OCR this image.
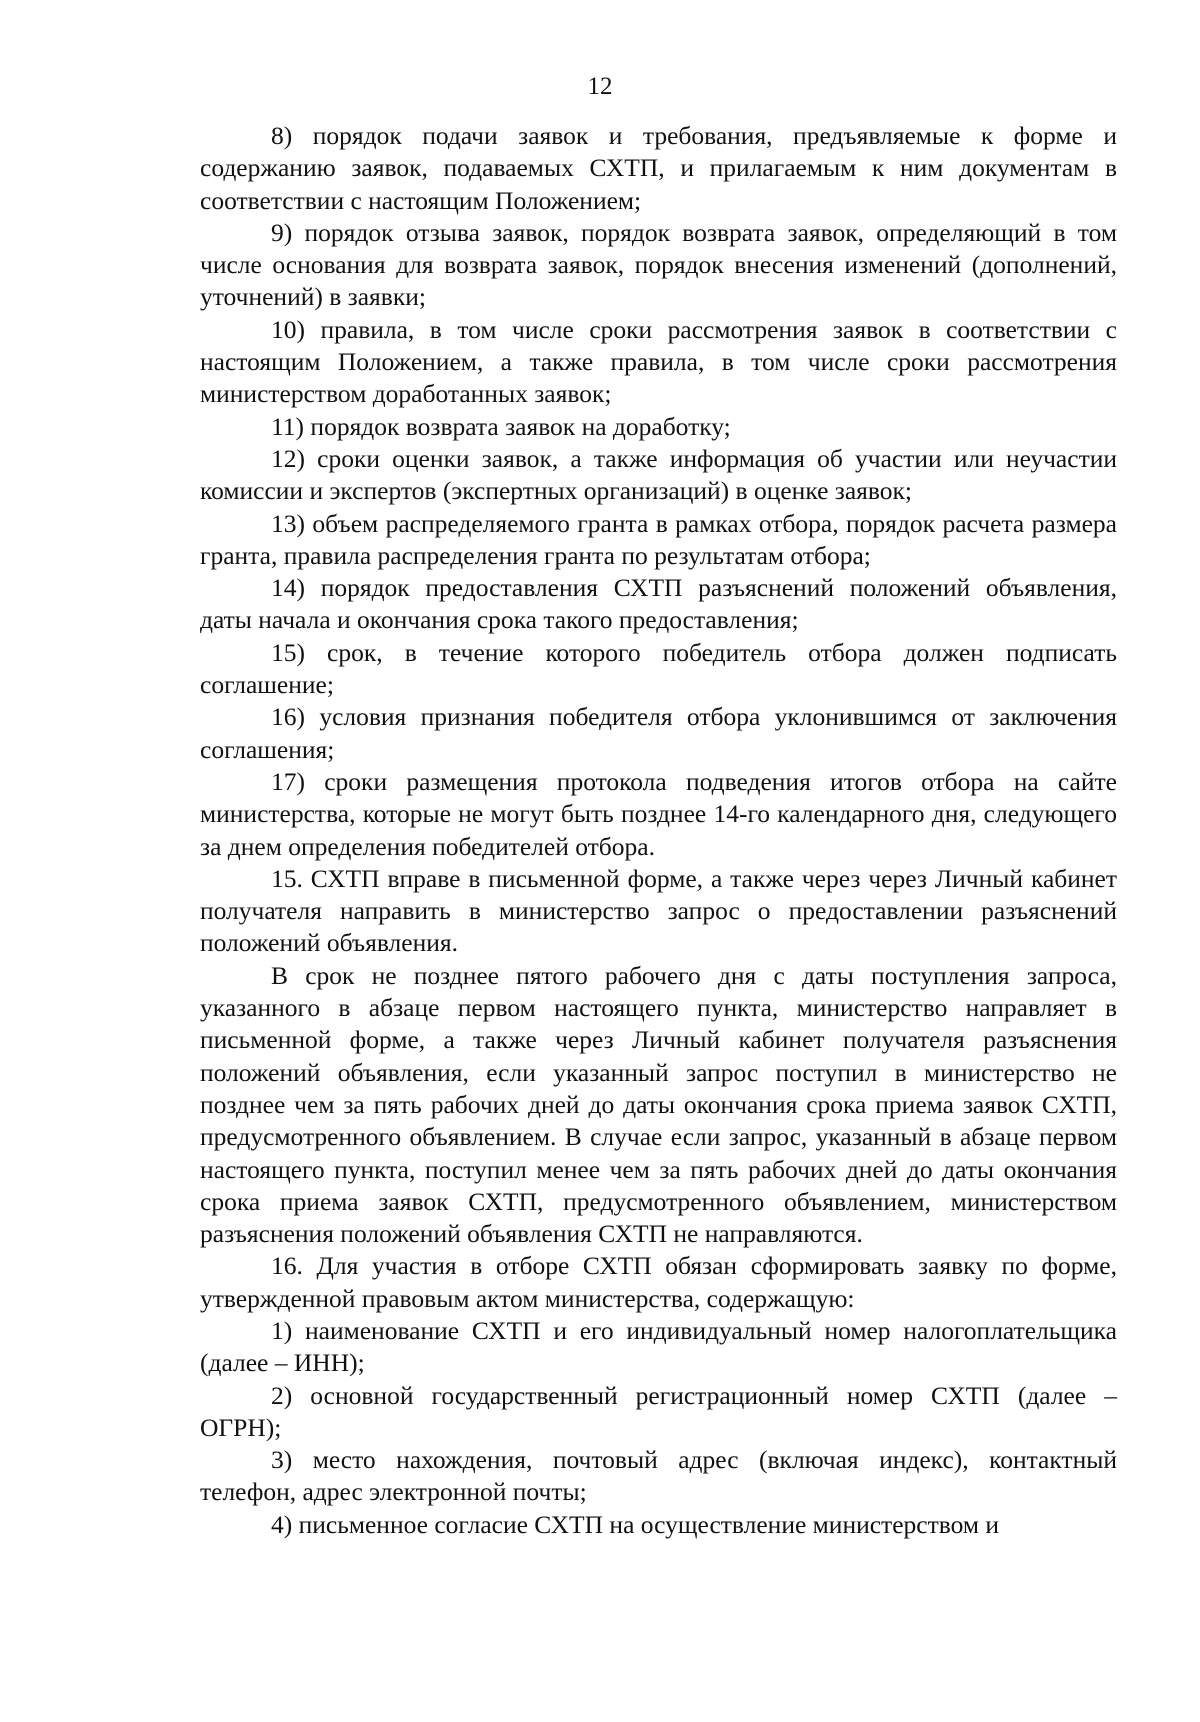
12

8) порядок подачи заявок и требования, предъявляемые к форме и содержанию заявок, подаваемых СХТП, и прилагаемым к ним документам в соответствии с настоящим Положением;

9) порядок отзыва заявок, порядок возврата заявок, определяющий в том числе основания для возврата заявок, порядок внесения изменений (дополнений, уточнений) в заявки;

10) правила, в том числе сроки рассмотрения заявок в соответствии с настоящим Положением, а также правила, в том числе сроки рассмотрения министерством доработанных заявок;

11) порядок возврата заявок на доработку;

12) сроки оценки заявок, а также информация об участии или неучастии комиссии и экспертов (экспертных организаций) в оценке заявок;

13) объем распределяемого гранта в рамках отбора, порядок расчета размера гранта, правила распределения гранта по результатам отбора;

14) порядок предоставления СХТП разъяснений положений объявления, даты начала и окончания срока такого предоставления;

15) срок, в течение которого победитель отбора должен подписать соглашение;

16) условия признания победителя отбора уклонившимся от заключения соглашения;

17) сроки размещения протокола подведения итогов отбора на сайте министерства, которые не могут быть позднее 14-го календарного дня, следующего за днем определения победителей отбора.

15. СХТП вправе в письменной форме, а также через через Личный кабинет получателя направить в министерство запрос о предоставлении разъяснений положений объявления.

В срок не позднее пятого рабочего дня с даты поступления запроса, указанного в абзаце первом настоящего пункта, министерство направляет в письменной форме, а также через Личный кабинет получателя разъяснения положений объявления, если указанный запрос поступил в министерство не позднее чем за пять рабочих дней до даты окончания срока приема заявок СХТП, предусмотренного объявлением. В случае если запрос, указанный в абзаце первом настоящего пункта, поступил менее чем за пять рабочих дней до даты окончания срока приема заявок СХТП, предусмотренного объявлением, министерством разъяснения положений объявления СХТП не направляются.

16. Для участия в отборе СХТП обязан сформировать заявку по форме, утвержденной правовым актом министерства, содержащую:

1) наименование СХТП и его индивидуальный номер налогоплательщика (далее – ИНН);

2) основной государственный регистрационный номер СХТП (далее – ОГРН);

3) место нахождения, почтовый адрес (включая индекс), контактный телефон, адрес электронной почты;

4) письменное согласие СХТП на осуществление министерством и
